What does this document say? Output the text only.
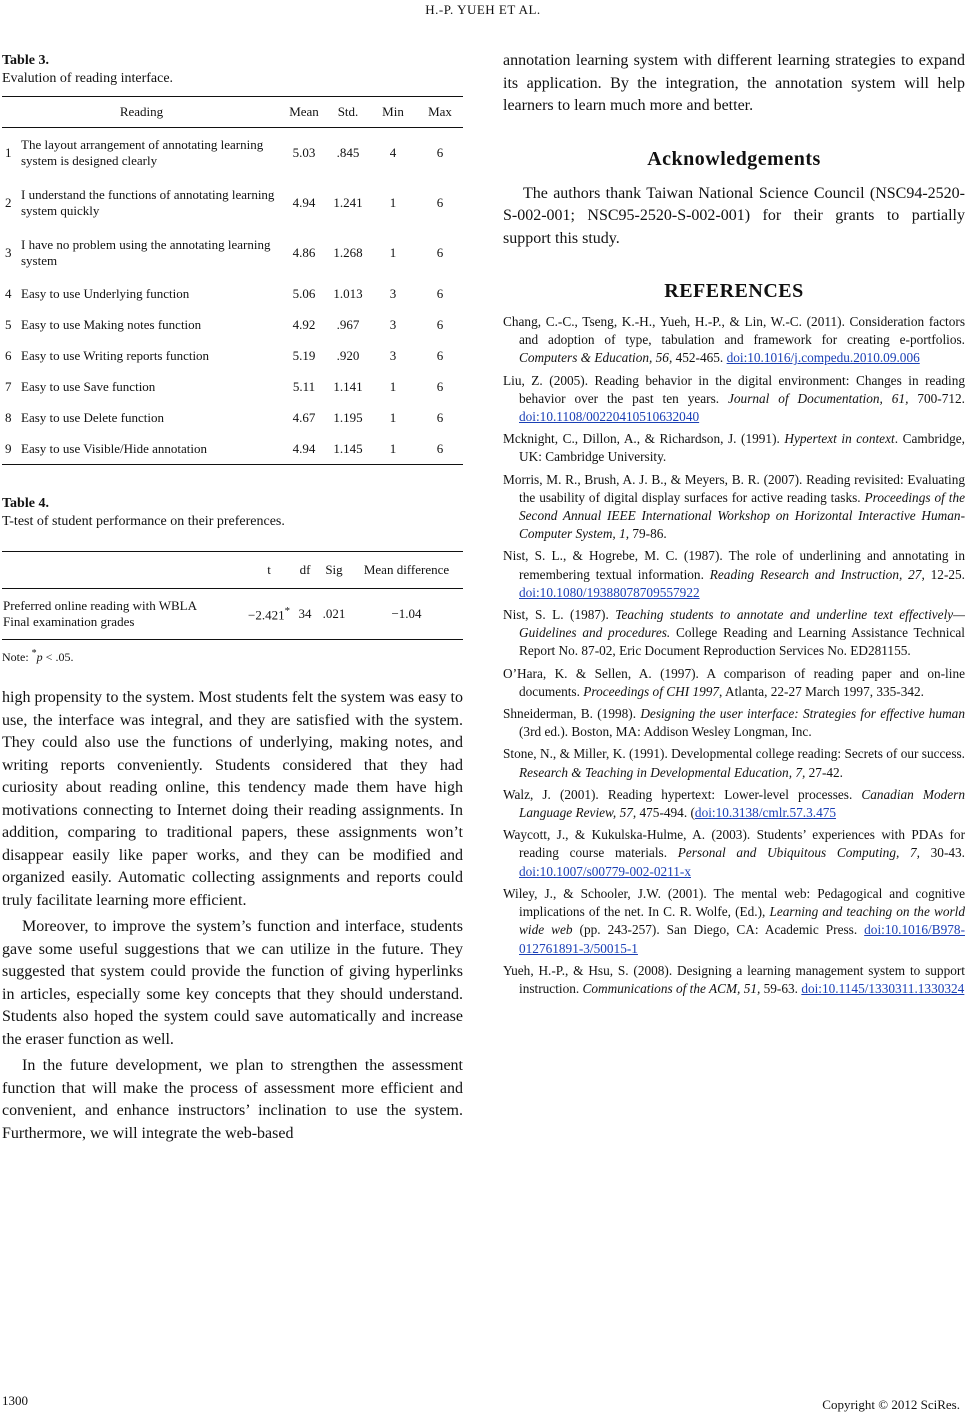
H.-P. YUEH ET AL.
Table 3.
Evalution of reading interface.
Reading		Mean	Std.	Min	Max
1	The layout arrangement of annotating learning system is designed clearly	5.03	.845	4	6
2	I understand the functions of annotating learning system quickly	4.94	1.241	1	6
3	I have no problem using the annotating learning system	4.86	1.268	1	6
4	Easy to use Underlying function	5.06	1.013	3	6
5	Easy to use Making notes function	4.92	.967	3	6
6	Easy to use Writing reports function	5.19	.920	3	6
7	Easy to use Save function	5.11	1.141	1	6
8	Easy to use Delete function	4.67	1.195	1	6
9	Easy to use Visible/Hide annotation	4.94	1.145	1	6
Table 4.
T-test of student performance on their preferences.
	t	df	Sig	Mean difference
Preferred online reading with WBLA
Final examination grades	−2.421*	34	.021	−1.04
Note: *p < .05.

high propensity to the system. Most students felt the system was easy to use, the interface was integral, and they are satisfied with the system. They could also use the functions of underlying, making notes, and writing reports conveniently. Students considered that they had curiosity about reading online, this tendency made them have high motivations connecting to Internet doing their reading assignments. In addition, comparing to traditional papers, these assignments won’t disappear easily like paper works, and they can be modified and organized easily. Automatic collecting assignments and reports could truly facilitate learning more efficient.

Moreover, to improve the system’s function and interface, students gave some useful suggestions that we can utilize in the future. They suggested that system could provide the function of giving hyperlinks in articles, especially some key concepts that they should understand. Students also hoped the system could save automatically and increase the eraser function as well.

In the future development, we plan to strengthen the assessment function that will make the process of assessment more efficient and convenient, and enhance instructors’ inclination to use the system. Furthermore, we will integrate the web-based

annotation learning system with different learning strategies to expand its application. By the integration, the annotation system will help learners to learn much more and better.

Acknowledgements

The authors thank Taiwan National Science Council (NSC94-2520-S-002-001; NSC95-2520-S-002-001) for their grants to partially support this study.

REFERENCES
Chang, C.-C., Tseng, K.-H., Yueh, H.-P., & Lin, W.-C. (2011). Consideration factors and adoption of type, tabulation and framework for creating e-portfolios. Computers & Education, 56, 452-465. doi:10.1016/j.compedu.2010.09.006
Liu, Z. (2005). Reading behavior in the digital environment: Changes in reading behavior over the past ten years. Journal of Documentation, 61, 700-712. doi:10.1108/00220410510632040
Mcknight, C., Dillon, A., & Richardson, J. (1991). Hypertext in context. Cambridge, UK: Cambridge University.
Morris, M. R., Brush, A. J. B., & Meyers, B. R. (2007). Reading revisited: Evaluating the usability of digital display surfaces for active reading tasks. Proceedings of the Second Annual IEEE International Workshop on Horizontal Interactive Human-Computer System, 1, 79-86.
Nist, S. L., & Hogrebe, M. C. (1987). The role of underlining and annotating in remembering textual information. Reading Research and Instruction, 27, 12-25. doi:10.1080/19388078709557922
Nist, S. L. (1987). Teaching students to annotate and underline text effectively—Guidelines and procedures. College Reading and Learning Assistance Technical Report No. 87-02, Eric Document Reproduction Services No. ED281155.
O’Hara, K. & Sellen, A. (1997). A comparison of reading paper and on-line documents. Proceedings of CHI 1997, Atlanta, 22-27 March 1997, 335-342.
Shneiderman, B. (1998). Designing the user interface: Strategies for effective human (3rd ed.). Boston, MA: Addison Wesley Longman, Inc.
Stone, N., & Miller, K. (1991). Developmental college reading: Secrets of our success. Research & Teaching in Developmental Education, 7, 27-42.
Walz, J. (2001). Reading hypertext: Lower-level processes. Canadian Modern Language Review, 57, 475-494. (doi:10.3138/cmlr.57.3.475
Waycott, J., & Kukulska-Hulme, A. (2003). Students’ experiences with PDAs for reading course materials. Personal and Ubiquitous Computing, 7, 30-43. doi:10.1007/s00779-002-0211-x
Wiley, J., & Schooler, J.W. (2001). The mental web: Pedagogical and cognitive implications of the net. In C. R. Wolfe, (Ed.), Learning and teaching on the world wide web (pp. 243-257). San Diego, CA: Academic Press. doi:10.1016/B978-012761891-3/50015-1
Yueh, H.-P., & Hsu, S. (2008). Designing a learning management system to support instruction. Communications of the ACM, 51, 59-63. doi:10.1145/1330311.1330324
1300	Copyright © 2012 SciRes.
